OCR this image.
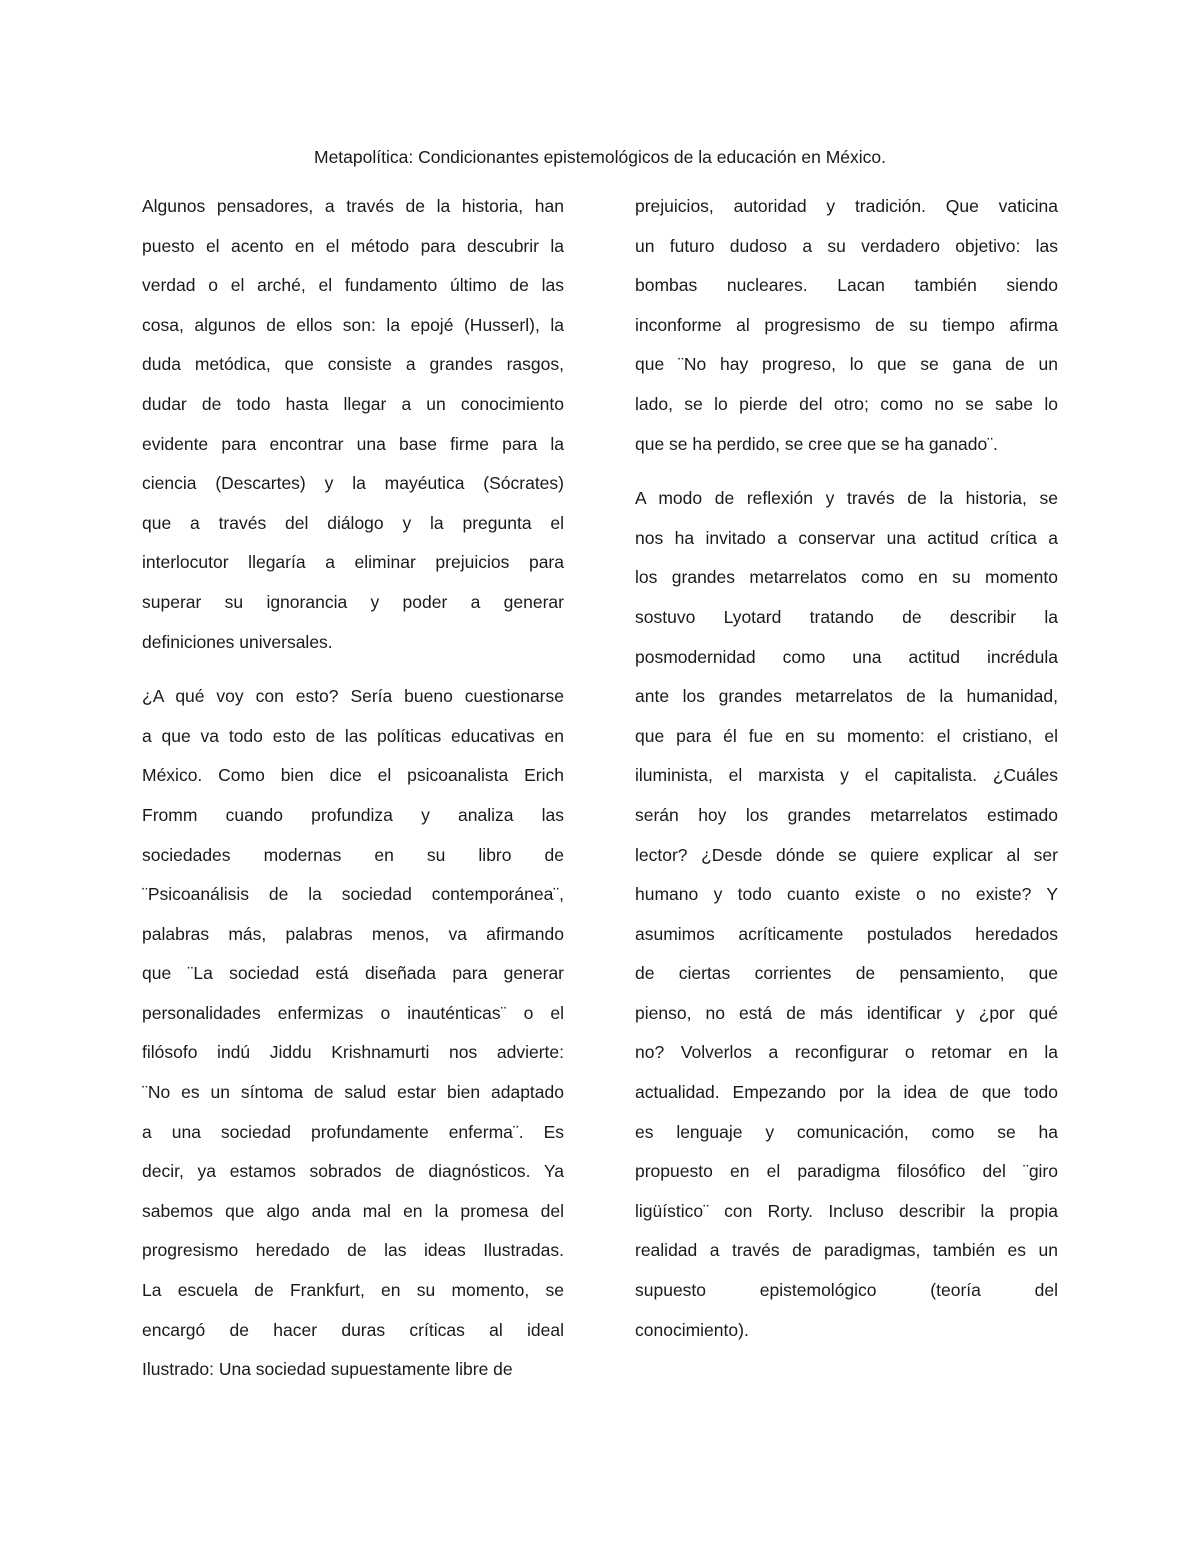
Metapolítica: Condicionantes epistemológicos de la educación en México.

Algunos pensadores, a través de la historia, han
puesto el acento en el método para descubrir la
verdad o el arché, el fundamento último de las
cosa, algunos de ellos son: la epojé (Husserl), la
duda metódica, que consiste a grandes rasgos,
dudar de todo hasta llegar a un conocimiento
evidente para encontrar una base firme para la
ciencia (Descartes) y la mayéutica (Sócrates)
que a través del diálogo y la pregunta el
interlocutor llegaría a eliminar prejuicios para
superar su ignorancia y poder a generar
definiciones universales.

¿A qué voy con esto? Sería bueno cuestionarse
a que va todo esto de las políticas educativas en
México. Como bien dice el psicoanalista Erich
Fromm cuando profundiza y analiza las
sociedades modernas en su libro de
¨Psicoanálisis de la sociedad contemporánea¨,
palabras más, palabras menos, va afirmando
que ¨La sociedad está diseñada para generar
personalidades enfermizas o inauténticas¨ o el
filósofo indú Jiddu Krishnamurti nos advierte:
¨No es un síntoma de salud estar bien adaptado
a una sociedad profundamente enferma¨. Es
decir, ya estamos sobrados de diagnósticos. Ya
sabemos que algo anda mal en la promesa del
progresismo heredado de las ideas Ilustradas.
La escuela de Frankfurt, en su momento, se
encargó de hacer duras críticas al ideal
Ilustrado: Una sociedad supuestamente libre de

prejuicios, autoridad y tradición. Que vaticina
un futuro dudoso a su verdadero objetivo: las
bombas nucleares. Lacan también siendo
inconforme al progresismo de su tiempo afirma
que ¨No hay progreso, lo que se gana de un
lado, se lo pierde del otro; como no se sabe lo
que se ha perdido, se cree que se ha ganado¨.

A modo de reflexión y través de la historia, se
nos ha invitado a conservar una actitud crítica a
los grandes metarrelatos como en su momento
sostuvo Lyotard tratando de describir la
posmodernidad como una actitud incrédula
ante los grandes metarrelatos de la humanidad,
que para él fue en su momento: el cristiano, el
iluminista, el marxista y el capitalista. ¿Cuáles
serán hoy los grandes metarrelatos estimado
lector? ¿Desde dónde se quiere explicar al ser
humano y todo cuanto existe o no existe? Y
asumimos acríticamente postulados heredados
de ciertas corrientes de pensamiento, que
pienso, no está de más identificar y ¿por qué
no? Volverlos a reconfigurar o retomar en la
actualidad. Empezando por la idea de que todo
es lenguaje y comunicación, como se ha
propuesto en el paradigma filosófico del ¨giro
ligüístico¨ con Rorty. Incluso describir la propia
realidad a través de paradigmas, también es un
supuesto epistemológico (teoría del
conocimiento).
